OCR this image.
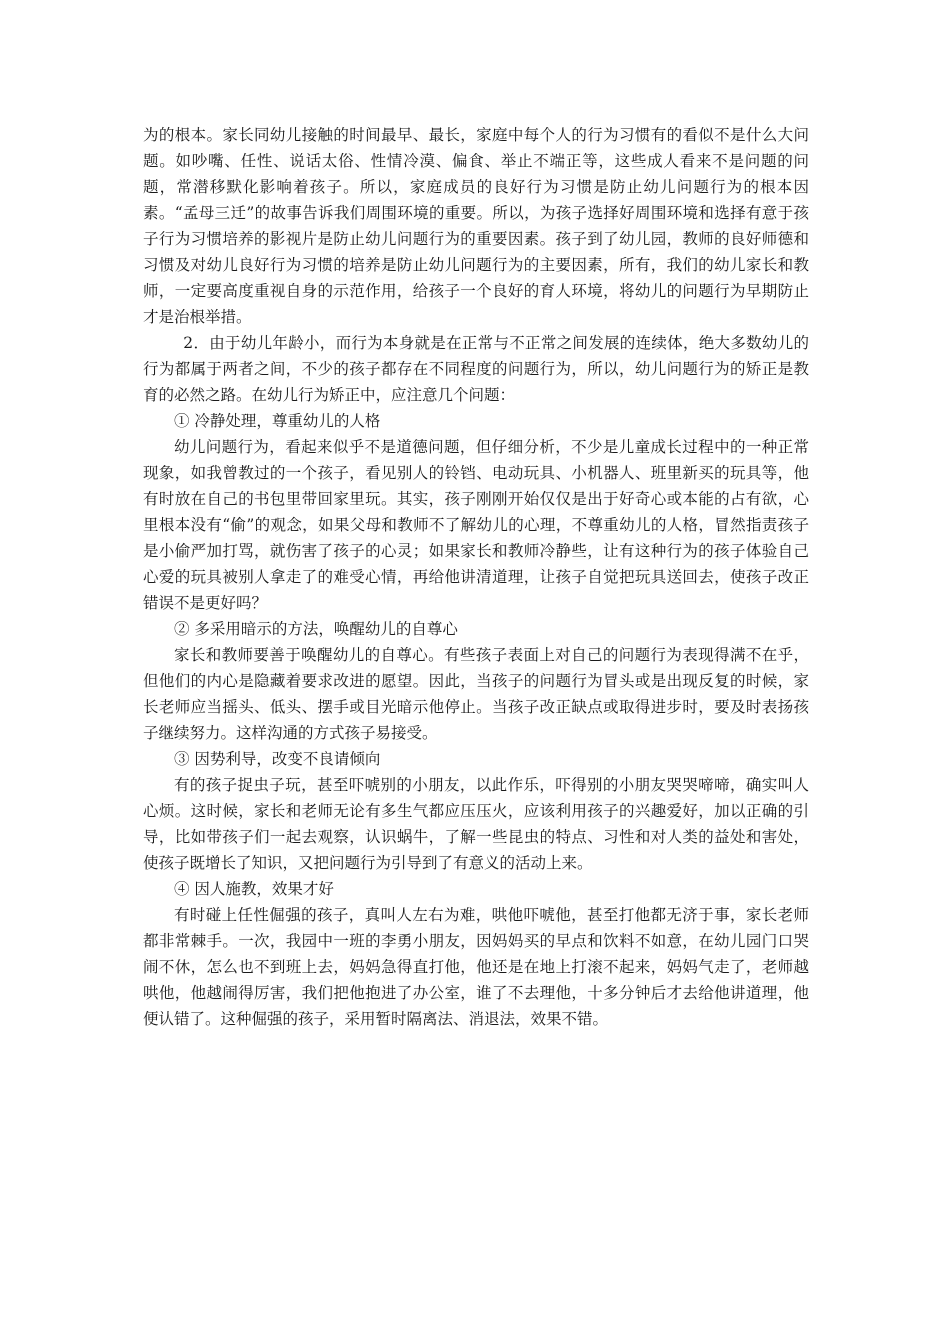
为的根本。家长同幼儿接触的时间最早、最长，家庭中每个人的行为习惯有的看似不是什么大问题。如吵嘴、任性、说话太俗、性情冷漠、偏食、举止不端正等，这些成人看来不是问题的问题，常潜移默化影响着孩子。所以，家庭成员的良好行为习惯是防止幼儿问题行为的根本因素。“孟母三迁”的故事告诉我们周围环境的重要。所以，为孩子选择好周围环境和选择有意于孩子行为习惯培养的影视片是防止幼儿问题行为的重要因素。孩子到了幼儿园，教师的良好师德和习惯及对幼儿良好行为习惯的培养是防止幼儿问题行为的主要因素，所有，我们的幼儿家长和教师，一定要高度重视自身的示范作用，给孩子一个良好的育人环境，将幼儿的问题行为早期防止才是治根举措。

2．由于幼儿年龄小，而行为本身就是在正常与不正常之间发展的连续体，绝大多数幼儿的行为都属于两者之间，不少的孩子都存在不同程度的问题行为，所以，幼儿问题行为的矫正是教育的必然之路。在幼儿行为矫正中，应注意几个问题：

① 冷静处理，尊重幼儿的人格

幼儿问题行为，看起来似乎不是道德问题，但仔细分析，不少是儿童成长过程中的一种正常现象，如我曾教过的一个孩子，看见别人的铃铛、电动玩具、小机器人、班里新买的玩具等，他有时放在自己的书包里带回家里玩。其实，孩子刚刚开始仅仅是出于好奇心或本能的占有欲，心里根本没有“偷”的观念，如果父母和教师不了解幼儿的心理，不尊重幼儿的人格，冒然指责孩子是小偷严加打骂，就伤害了孩子的心灵；如果家长和教师冷静些，让有这种行为的孩子体验自己心爱的玩具被别人拿走了的难受心情，再给他讲清道理，让孩子自觉把玩具送回去，使孩子改正错误不是更好吗？

② 多采用暗示的方法，唤醒幼儿的自尊心

家长和教师要善于唤醒幼儿的自尊心。有些孩子表面上对自己的问题行为表现得满不在乎，但他们的内心是隐藏着要求改进的愿望。因此，当孩子的问题行为冒头或是出现反复的时候，家长老师应当摇头、低头、摆手或目光暗示他停止。当孩子改正缺点或取得进步时，要及时表扬孩子继续努力。这样沟通的方式孩子易接受。

③ 因势利导，改变不良请倾向

有的孩子捉虫子玩，甚至吓唬别的小朋友，以此作乐，吓得别的小朋友哭哭啼啼，确实叫人心烦。这时候，家长和老师无论有多生气都应压压火，应该利用孩子的兴趣爱好，加以正确的引导，比如带孩子们一起去观察，认识蜗牛，了解一些昆虫的特点、习性和对人类的益处和害处，使孩子既增长了知识，又把问题行为引导到了有意义的活动上来。

④ 因人施教，效果才好

有时碰上任性倔强的孩子，真叫人左右为难，哄他吓唬他，甚至打他都无济于事，家长老师都非常棘手。一次，我园中一班的李勇小朋友，因妈妈买的早点和饮料不如意，在幼儿园门口哭闹不休，怎么也不到班上去，妈妈急得直打他，他还是在地上打滚不起来，妈妈气走了，老师越哄他，他越闹得厉害，我们把他抱进了办公室，谁了不去理他，十多分钟后才去给他讲道理，他便认错了。这种倔强的孩子，采用暂时隔离法、消退法，效果不错。
